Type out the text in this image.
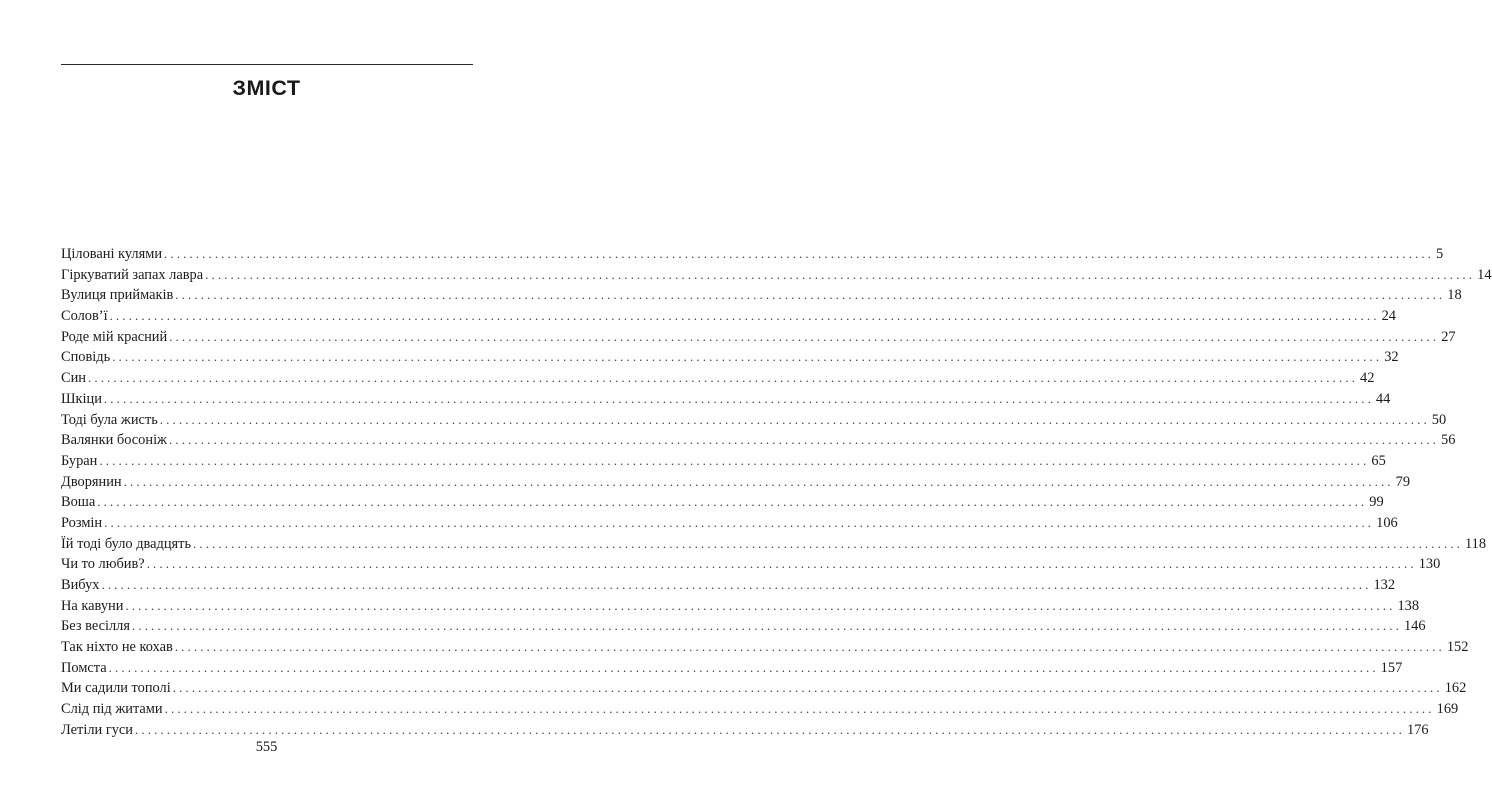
ЗМІСТ
Ціловані кулями ........................................................................................................................................................................................................ 5
Гіркуватий запах лавра ........................................................................................................................................................................................................ 14
Вулиця приймаків ........................................................................................................................................................................................................ 18
Солов’ї ........................................................................................................................................................................................................ 24
Роде мій красний ........................................................................................................................................................................................................ 27
Сповідь ........................................................................................................................................................................................................ 32
Син ........................................................................................................................................................................................................ 42
Шкіци ........................................................................................................................................................................................................ 44
Тоді була жисть ........................................................................................................................................................................................................ 50
Валянки босоніж ........................................................................................................................................................................................................ 56
Буран ........................................................................................................................................................................................................ 65
Дворянин ........................................................................................................................................................................................................ 79
Воша ........................................................................................................................................................................................................ 99
Розмін ........................................................................................................................................................................................................ 106
Їй тоді було двадцять ........................................................................................................................................................................................................ 118
Чи то любив? ........................................................................................................................................................................................................ 130
Вибух ........................................................................................................................................................................................................ 132
На кавуни ........................................................................................................................................................................................................ 138
Без весілля ........................................................................................................................................................................................................ 146
Так ніхто не кохав ........................................................................................................................................................................................................ 152
Помста ........................................................................................................................................................................................................ 157
Ми садили тополі ........................................................................................................................................................................................................ 162
Слід під житами ........................................................................................................................................................................................................ 169
Летіли гуси ........................................................................................................................................................................................................ 176
555
